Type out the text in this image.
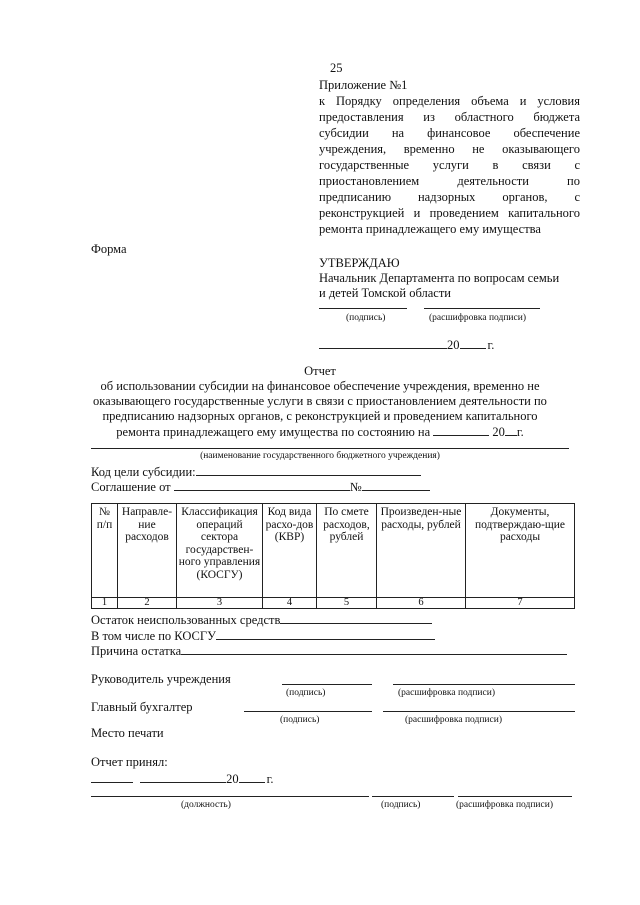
25
Приложение №1
к Порядку определения объема и условия
предоставления из областного бюджета
субсидии на финансовое обеспечение
учреждения, временно не оказывающего
государственные услуги в связи с
приостановлением деятельности по
предписанию надзорных органов, с
реконструкцией и проведением капитального
ремонта принадлежащего ему имущества
Форма
УТВЕРЖДАЮ
Начальник Департамента по вопросам семьи
и детей Томской области
(подпись)	(расшифровка подписи)
20 г.
Отчет
об использовании субсидии на финансовое обеспечение учреждения, временно не
оказывающего государственные услуги в связи с приостановлением деятельности по
предписанию надзорных органов, с реконструкцией и проведением капитального
ремонта принадлежащего ему имущества по состоянию на	20 г.
(наименование государственного бюджетного учреждения)
Код цели субсидии:
Соглашение от	№
№ п/п	Направле-ние расходов	Классификация операций сектора государствен-ного управления (КОСГУ)	Код вида расхо-дов (КВР)	По смете расходов, рублей	Произведен-ные расходы, рублей	Документы, подтверждаю-щие расходы
1	2	3	4	5	6	7
Остаток неиспользованных средств
В том числе по КОСГУ
Причина остатка
Руководитель учреждения
(подпись)	(расшифровка подписи)
Главный бухгалтер
(подпись)	(расшифровка подписи)
Место печати
Отчет принял:
20 г.
(должность)	(подпись)	(расшифровка подписи)
